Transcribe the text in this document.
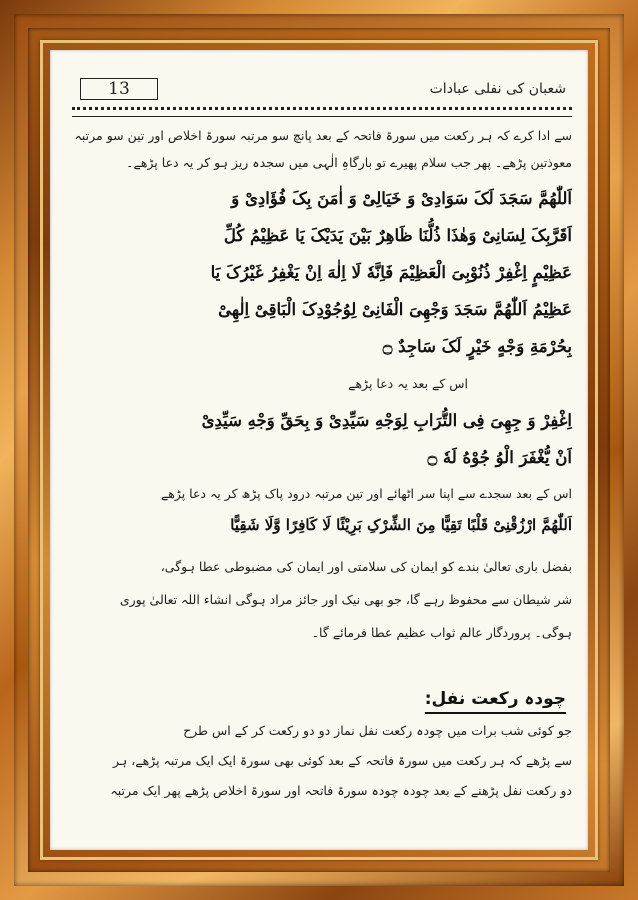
شعبان کی نفلی عبادات
13
سے ادا کرے کہ ہر رکعت میں سورۃ فاتحہ کے بعد پانچ سو مرتبہ سورۃ اخلاص اور تین سو مرتبہ
معوذتین پڑھے۔ پھر جب سلام پھیرے تو بارگاہِ الٰہی میں سجدہ ریز ہو کر یہ دعا پڑھے۔
اَللّٰهُمَّ سَجَدَ لَکَ سَوَادِیْ وَ خَیَالِیْ وَ اٰمَنَ بِکَ فُؤَادِیْ وَ
اَقَرَّبِکَ لِسَانِیْ وَهٰذَا ذُلُّنَا ظَاهِرٌ بَیْنَ یَدَیْکَ یَا عَظِیْمُ کُلِّ
عَظِیْمٍ اِغْفِرْ ذُنُوْبِیَ الْعَظِیْمَ فَاِنَّهٗ لَا اِلٰهَ اِنْ یَغْفِرُ غَیْرُکَ یَا
عَظِیْمُ اَللّٰهُمَّ سَجَدَ وَجْهِیَ الْفَانِیْ لِوُجُوْدِکَ الْبَاقِیْ اِلٰهِیْ
بِحُرْمَةِ وَجْهٍ خَیْرٍ لَکَ سَاجِدٌ ۝
اس کے بعد یہ دعا پڑھے
اِغْفِرْ وَ جِهِیَ فِی التُّرَابِ لِوَجْهِ سَیِّدِیْ وَ بِحَقِّ وَجْهِ سَیِّدِیْ
اَنْ یُّغْفَرَ الْوُ جُوْهُ لَهٗ ۝
اس کے بعد سجدے سے اپنا سر اٹھائے اور تین مرتبہ درود پاک پڑھ کر یہ دعا پڑھے
اَللّٰهُمَّ ارْزُقْنِیْ قَلْبًا تَقِیًّا مِنَ الشِّرْکِ بَرِیْئًا لَا کَافِرًا وَّلَا شَقِیًّا
بفضل باری تعالیٰ بندے کو ایمان کی سلامتی اور ایمان کی مضبوطی عطا ہوگی،
شر شیطان سے محفوظ رہے گا، جو بھی نیک اور جائز مراد ہوگی انشاء اللہ تعالیٰ پوری
ہوگی۔ پروردگار عالم ثواب عظیم عطا فرمائے گا۔
چودہ رکعت نفل:
جو کوئی شب برات میں چودہ رکعت نفل نماز دو دو رکعت کر کے اس طرح
سے پڑھے کہ ہر رکعت میں سورۃ فاتحہ کے بعد کوئی بھی سورۃ ایک ایک مرتبہ پڑھے، ہر
دو رکعت نفل پڑھنے کے بعد چودہ چودہ سورۃ فاتحہ اور سورۃ اخلاص پڑھے پھر ایک مرتبہ
